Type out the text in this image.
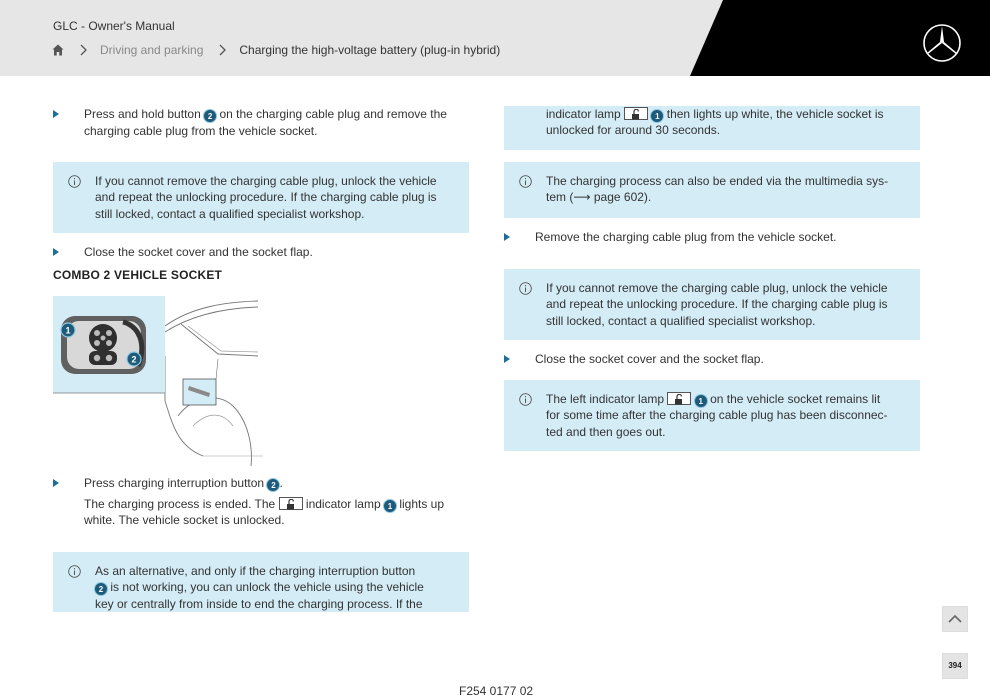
GLC - Owner's Manual
Driving and parking	Charging the high-voltage battery (plug-in hybrid)
Press and hold button 2 on the charging cable plug and remove the
charging cable plug from the vehicle socket.
If you cannot remove the charging cable plug, unlock the vehicle
and repeat the unlocking procedure. If the charging cable plug is
still locked, contact a qualified specialist workshop.
Close the socket cover and the socket flap.
COMBO 2 VEHICLE SOCKET
1
2
Press charging interruption button 2 .
The charging process is ended. The	indicator lamp 1 lights up
white. The vehicle socket is unlocked.
As an alternative, and only if the charging interruption button
2 is not working, you can unlock the vehicle using the vehicle
key or centrally from inside to end the charging process. If the
indicator lamp	1 then lights up white, the vehicle socket is
unlocked for around 30 seconds.
The charging process can also be ended via the multimedia sys-
tem (⟶ page 602).
Remove the charging cable plug from the vehicle socket.
If you cannot remove the charging cable plug, unlock the vehicle
and repeat the unlocking procedure. If the charging cable plug is
still locked, contact a qualified specialist workshop.
Close the socket cover and the socket flap.
The left indicator lamp	1 on the vehicle socket remains lit
for some time after the charging cable plug has been disconnec-
ted and then goes out.
394
F254 0177 02
